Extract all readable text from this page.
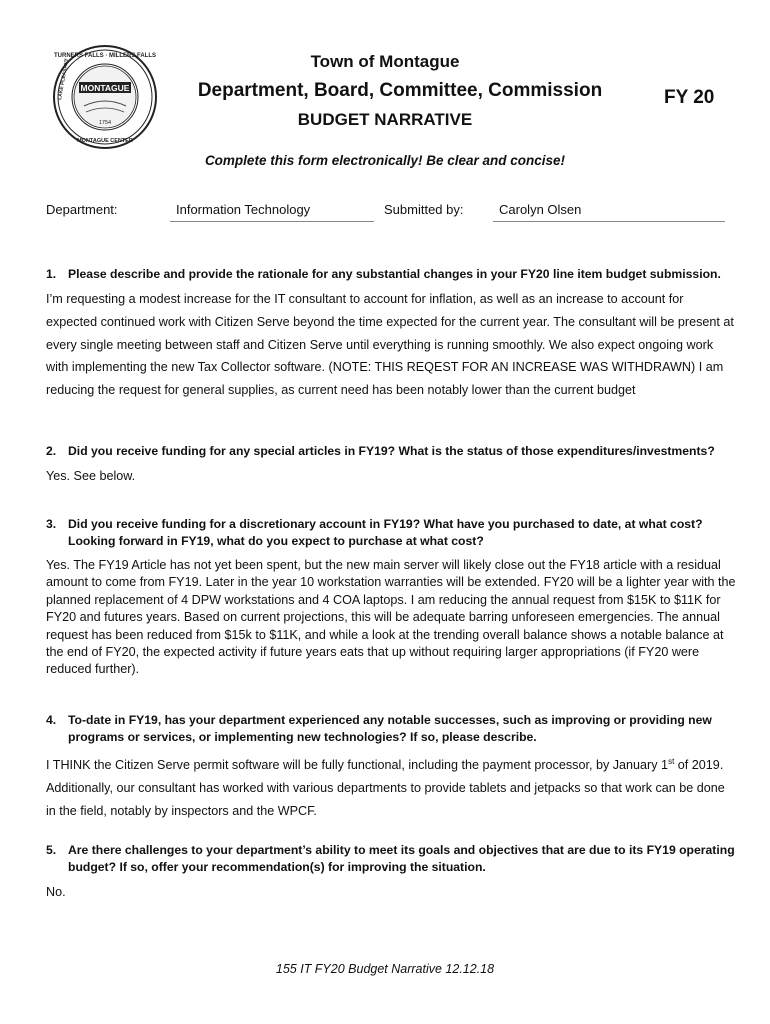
MONTAGUE
1754
TURNERS FALLS · MILLERS FALLS
MONTAGUE CENTER
LAKE PLEASANT	Town of Montague
Department, Board, Committee, Commission	FY 20
BUDGET NARRATIVE
Complete this form electronically! Be clear and concise!
Department:	Information Technology	Submitted by:	Carolyn Olsen
1. Please describe and provide the rationale for any substantial changes in your FY20 line item budget submission.

I’m requesting a modest increase for the IT consultant to account for inflation, as well as an increase to account for expected continued work with Citizen Serve beyond the time expected for the current year. The consultant will be present at every single meeting between staff and Citizen Serve until everything is running smoothly. We also expect ongoing work with implementing the new Tax Collector software. (NOTE: THIS REQEST FOR AN INCREASE WAS WITHDRAWN) I am reducing the request for general supplies, as current need has been notably lower than the current budget

2. Did you receive funding for any special articles in FY19? What is the status of those expenditures/investments?

Yes. See below.

3. Did you receive funding for a discretionary account in FY19? What have you purchased to date, at what cost? Looking forward in FY19, what do you expect to purchase at what cost?

Yes. The FY19 Article has not yet been spent, but the new main server will likely close out the FY18 article with a residual amount to come from FY19. Later in the year 10 workstation warranties will be extended. FY20 will be a lighter year with the planned replacement of 4 DPW workstations and 4 COA laptops. I am reducing the annual request from $15K to $11K for FY20 and futures years. Based on current projections, this will be adequate barring unforeseen emergencies. The annual request has been reduced from $15k to $11K, and while a look at the trending overall balance shows a notable balance at the end of FY20, the expected activity if future years eats that up without requiring larger appropriations (if FY20 were reduced further).

4. To-date in FY19, has your department experienced any notable successes, such as improving or providing new programs or services, or implementing new technologies? If so, please describe.

I THINK the Citizen Serve permit software will be fully functional, including the payment processor, by January 1st of 2019. Additionally, our consultant has worked with various departments to provide tablets and jetpacks so that work can be done in the field, notably by inspectors and the WPCF.

5. Are there challenges to your department’s ability to meet its goals and objectives that are due to its FY19 operating budget? If so, offer your recommendation(s) for improving the situation.

No.

155 IT FY20 Budget Narrative 12.12.18
